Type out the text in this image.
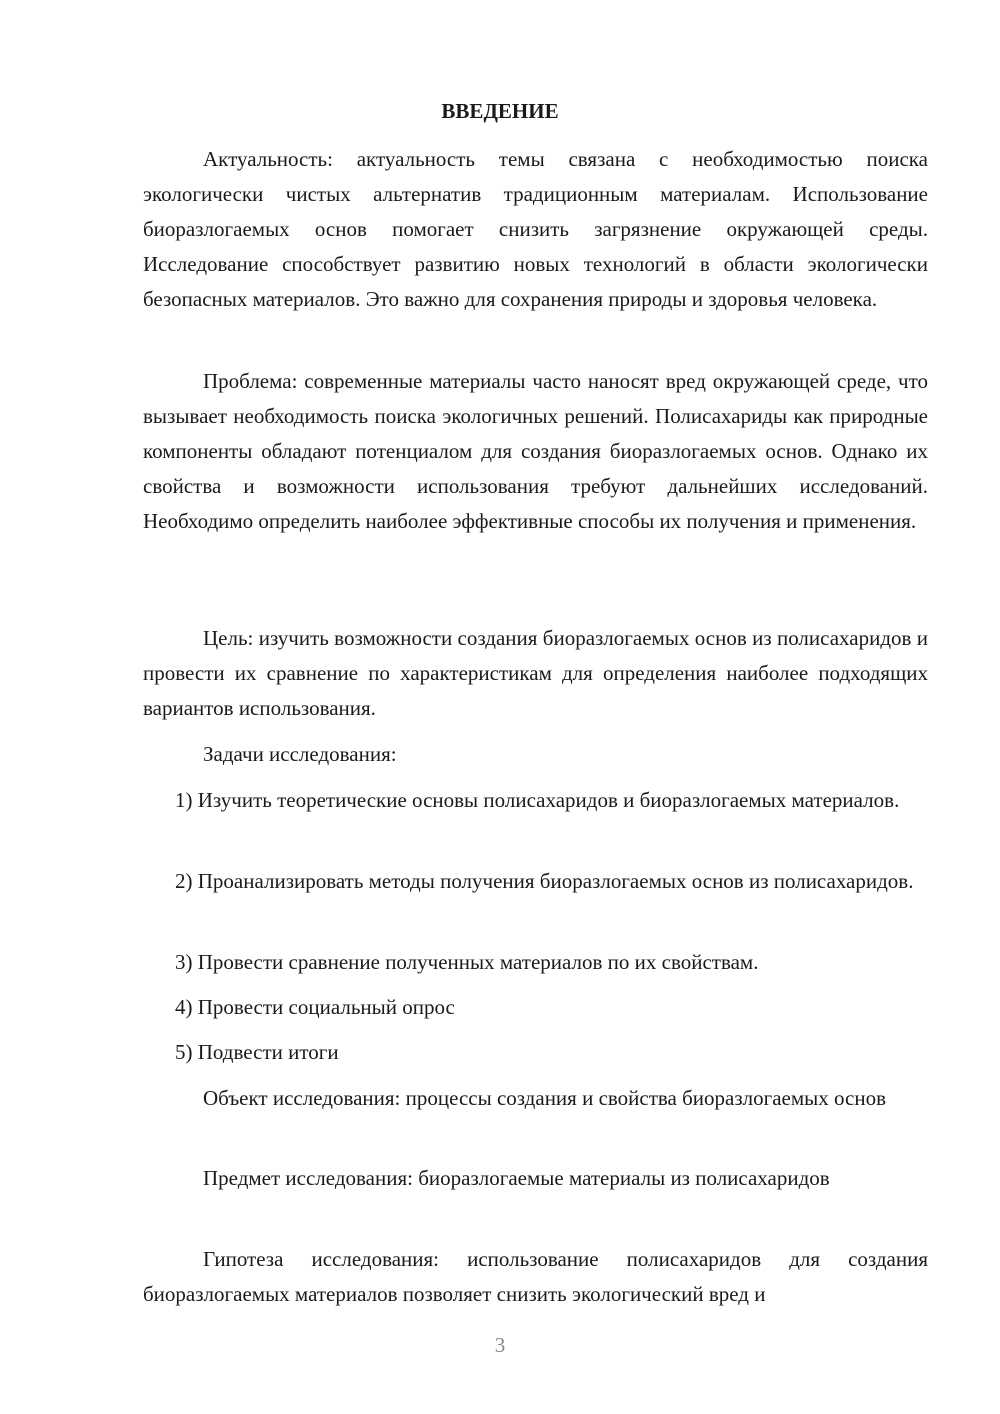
ВВЕДЕНИЕ

Актуальность: актуальность темы связана с необходимостью поиска экологически чистых альтернатив традиционным материалам. Использование биоразлогаемых основ помогает снизить загрязнение окружающей среды. Исследование способствует развитию новых технологий в области экологически безопасных материалов. Это важно для сохранения природы и здоровья человека.

Проблема: современные материалы часто наносят вред окружающей среде, что вызывает необходимость поиска экологичных решений. Полисахариды как природные компоненты обладают потенциалом для создания биоразлогаемых основ. Однако их свойства и возможности использования требуют дальнейших исследований. Необходимо определить наиболее эффективные способы их получения и применения.

Цель: изучить возможности создания биоразлогаемых основ из полисахаридов и провести их сравнение по характеристикам для определения наиболее подходящих вариантов использования.

Задачи исследования:

1) Изучить теоретические основы полисахаридов и биоразлогаемых материалов.

2) Проанализировать методы получения биоразлогаемых основ из полисахаридов.

3) Провести сравнение полученных материалов по их свойствам.

4) Провести социальный опрос

5) Подвести итоги

Объект исследования: процессы создания и свойства биоразлогаемых основ

Предмет исследования: биоразлогаемые материалы из полисахаридов

Гипотеза исследования: использование полисахаридов для создания биоразлогаемых материалов позволяет снизить экологический вред и

3
